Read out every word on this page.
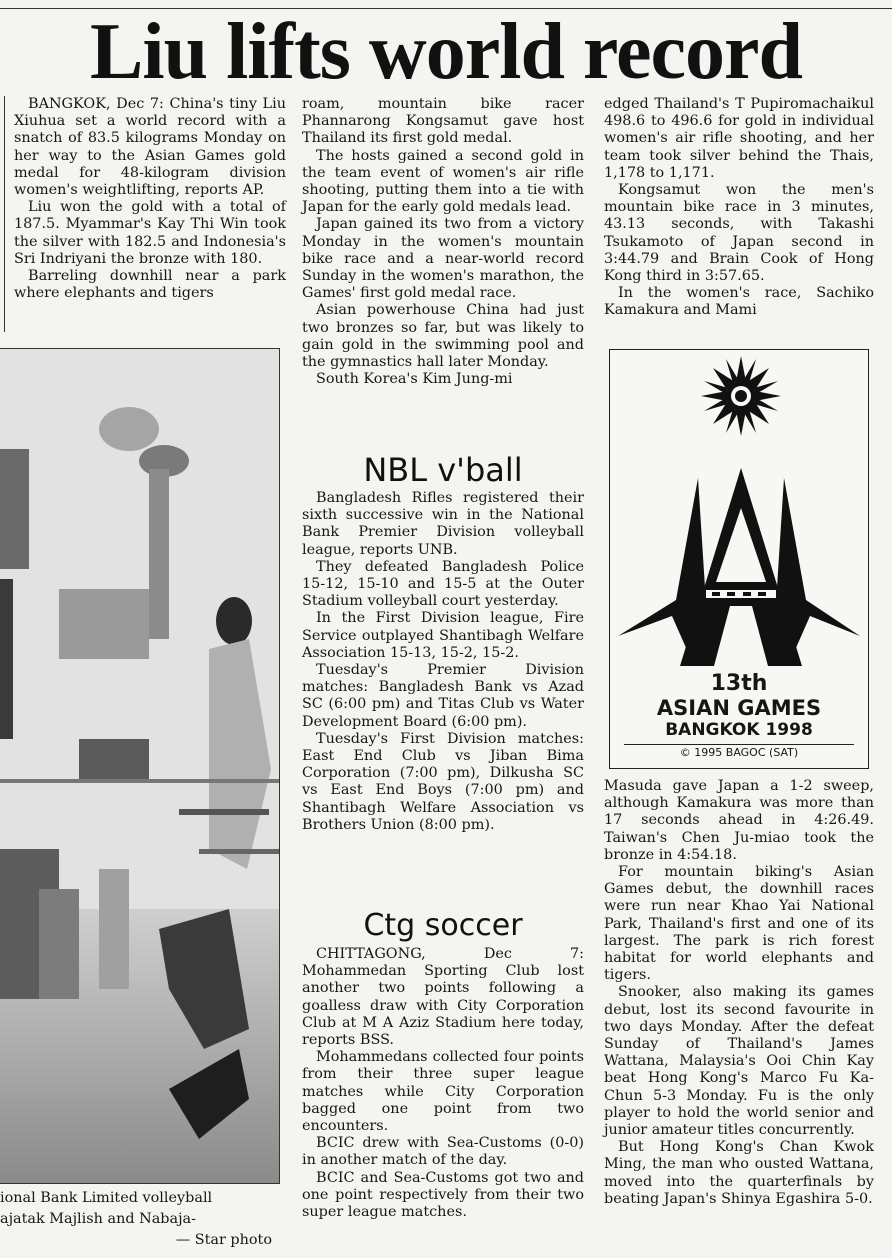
Liu lifts world record

BANGKOK, Dec 7: China's tiny Liu Xiuhua set a world record with a snatch of 83.5 kilograms Monday on her way to the Asian Games gold medal for 48-kilogram division women's weightlifting, reports AP.

Liu won the gold with a total of 187.5. Myammar's Kay Thi Win took the silver with 182.5 and Indonesia's Sri Indriyani the bronze with 180.

Barreling downhill near a park where elephants and tigers

ional Bank Limited volleyball
ajatak Majlish and Nabaja-
— Star photo

roam, mountain bike racer Phannarong Kongsamut gave host Thailand its first gold medal.

The hosts gained a second gold in the team event of women's air rifle shooting, putting them into a tie with Japan for the early gold medals lead.

Japan gained its two from a victory Monday in the women's mountain bike race and a near-world record Sunday in the women's marathon, the Games' first gold medal race.

Asian powerhouse China had just two bronzes so far, but was likely to gain gold in the swimming pool and the gymnastics hall later Monday.

South Korea's Kim Jung-mi

NBL v'ball

Bangladesh Rifles registered their sixth successive win in the National Bank Premier Division volleyball league, reports UNB.

They defeated Bangladesh Police 15-12, 15-10 and 15-5 at the Outer Stadium volleyball court yesterday.

In the First Division league, Fire Service outplayed Shantibagh Welfare Association 15-13, 15-2, 15-2.

Tuesday's Premier Division matches: Bangladesh Bank vs Azad SC (6:00 pm) and Titas Club vs Water Development Board (6:00 pm).

Tuesday's First Division matches: East End Club vs Jiban Bima Corporation (7:00 pm), Dilkusha SC vs East End Boys (7:00 pm) and Shantibagh Welfare Association vs Brothers Union (8:00 pm).

Ctg soccer

CHITTAGONG, Dec 7: Mohammedan Sporting Club lost another two points following a goalless draw with City Corporation Club at M A Aziz Stadium here today, reports BSS.

Mohammedans collected four points from their three super league matches while City Corporation bagged one point from two encounters.

BCIC drew with Sea-Customs (0-0) in another match of the day.

BCIC and Sea-Customs got two and one point respectively from their two super league matches.

edged Thailand's T Pupiromachaikul 498.6 to 496.6 for gold in individual women's air rifle shooting, and her team took silver behind the Thais, 1,178 to 1,171.

Kongsamut won the men's mountain bike race in 3 minutes, 43.13 seconds, with Takashi Tsukamoto of Japan second in 3:44.79 and Brain Cook of Hong Kong third in 3:57.65.

In the women's race, Sachiko Kamakura and Mami

13th
ASIAN GAMES
BANGKOK 1998
© 1995 BAGOC (SAT)

Masuda gave Japan a 1-2 sweep, although Kamakura was more than 17 seconds ahead in 4:26.49. Taiwan's Chen Ju-miao took the bronze in 4:54.18.

For mountain biking's Asian Games debut, the downhill races were run near Khao Yai National Park, Thailand's first and one of its largest. The park is rich forest habitat for world elephants and tigers.

Snooker, also making its games debut, lost its second favourite in two days Monday. After the defeat Sunday of Thailand's James Wattana, Malaysia's Ooi Chin Kay beat Hong Kong's Marco Fu Ka-Chun 5-3 Monday. Fu is the only player to hold the world senior and junior amateur titles concurrently.

But Hong Kong's Chan Kwok Ming, the man who ousted Wattana, moved into the quarterfinals by beating Japan's Shinya Egashira 5-0.
